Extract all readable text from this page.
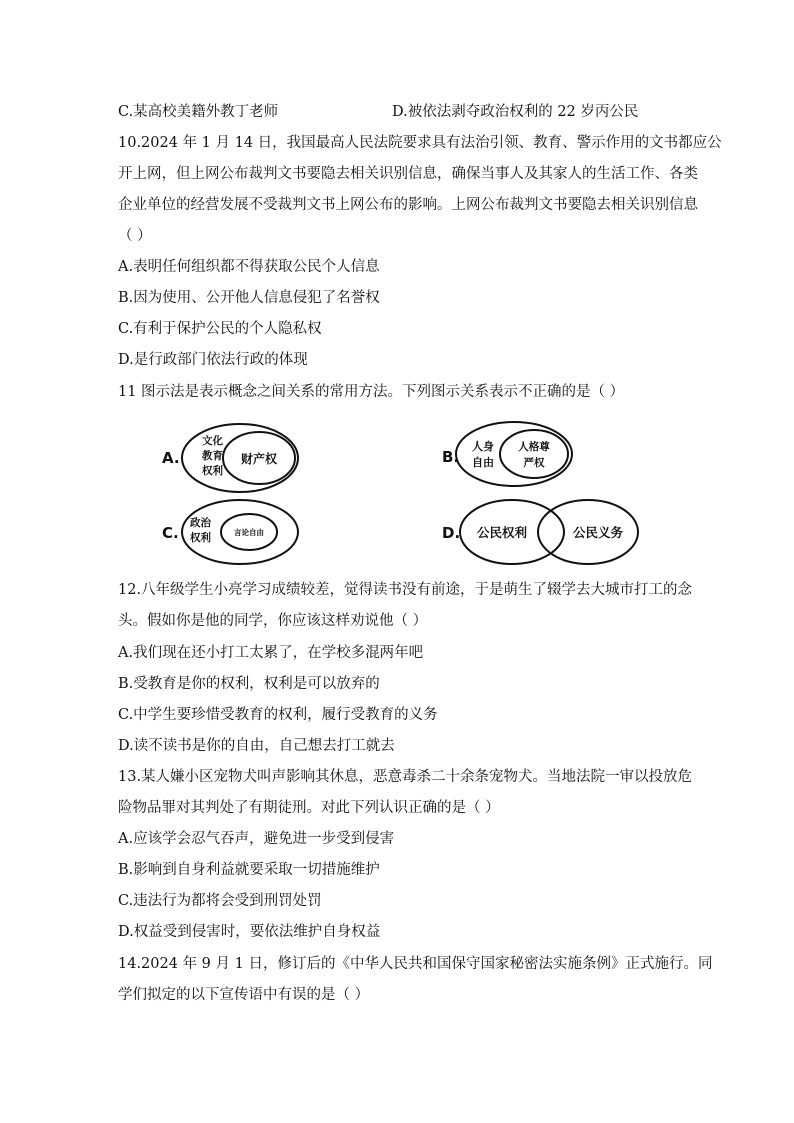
C.某高校美籍外教丁老师	D.被依法剥夺政治权利的 22 岁丙公民
10.2024 年 1 月 14 日，我国最高人民法院要求具有法治引领、教育、警示作用的文书都应公
开上网，但上网公布裁判文书要隐去相关识别信息，确保当事人及其家人的生活工作、各类
企业单位的经营发展不受裁判文书上网公布的影响。上网公布裁判文书要隐去相关识别信息
（ ）
A.表明任何组织都不得获取公民个人信息
B.因为使用、公开他人信息侵犯了名誉权
C.有利于保护公民的个人隐私权
D.是行政部门依法行政的体现
11 图示法是表示概念之间关系的常用方法。下列图示关系表示不正确的是（ ）
A.
文化
教育
权利
财产权	B.
人身
自由
人格尊
严权
C.
政治
权利	言论自由	D. 公民权利	公民义务
12.八年级学生小亮学习成绩较差，觉得读书没有前途，于是萌生了辍学去大城市打工的念
头。假如你是他的同学，你应该这样劝说他（ ）
A.我们现在还小打工太累了，在学校多混两年吧
B.受教育是你的权利，权利是可以放弃的
C.中学生要珍惜受教育的权利，履行受教育的义务
D.读不读书是你的自由，自己想去打工就去
13.某人嫌小区宠物犬叫声影响其休息，恶意毒杀二十余条宠物犬。当地法院一审以投放危
险物品罪对其判处了有期徒刑。对此下列认识正确的是（ ）
A.应该学会忍气吞声，避免进一步受到侵害
B.影响到自身利益就要采取一切措施维护
C.违法行为都将会受到刑罚处罚
D.权益受到侵害时，要依法维护自身权益
14.2024 年 9 月 1 日，修订后的《中华人民共和国保守国家秘密法实施条例》正式施行。同
学们拟定的以下宣传语中有误的是（ ）
